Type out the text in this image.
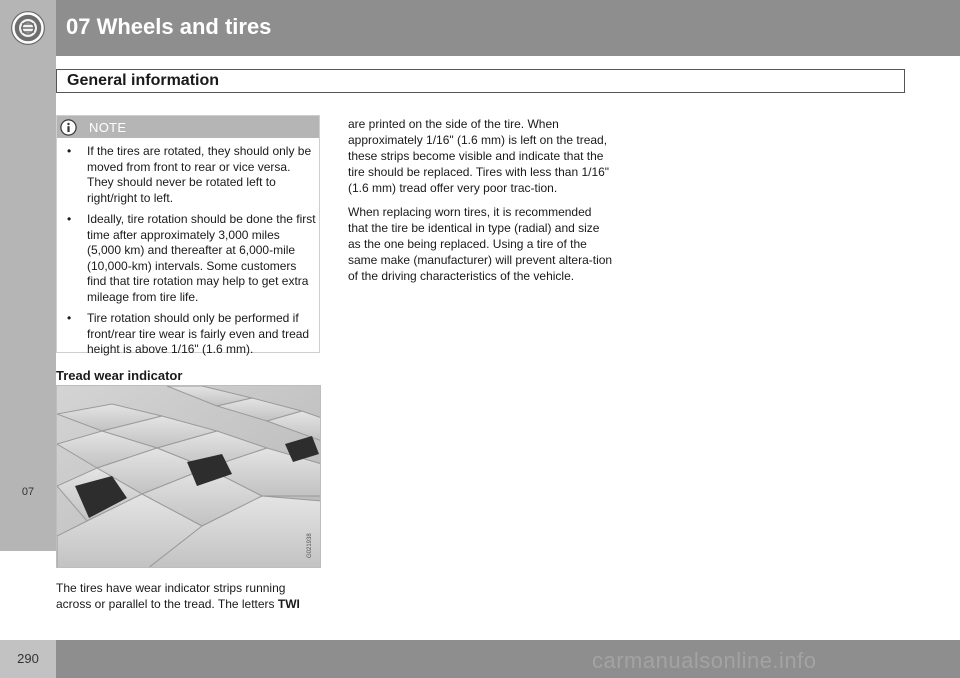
07 Wheels and tires
General information
07
NOTE
• If the tires are rotated, they should only be moved from front to rear or vice versa. They should never be rotated left to right/right to left.
• Ideally, tire rotation should be done the first time after approximately 3,000 miles (5,000 km) and thereafter at 6,000-mile (10,000-km) intervals. Some customers find that tire rotation may help to get extra mileage from tire life.
• Tire rotation should only be performed if front/rear tire wear is fairly even and tread height is above 1/16" (1.6 mm).
Tread wear indicator
G021938
The tires have wear indicator strips running across or parallel to the tread. The letters TWI

are printed on the side of the tire. When approximately 1/16" (1.6 mm) is left on the tread, these strips become visible and indicate that the tire should be replaced. Tires with less than 1/16" (1.6 mm) tread offer very poor trac-tion.

When replacing worn tires, it is recommended that the tire be identical in type (radial) and size as the one being replaced. Using a tire of the same make (manufacturer) will prevent altera-tion of the driving characteristics of the vehicle.

290	carmanualsonline.info
